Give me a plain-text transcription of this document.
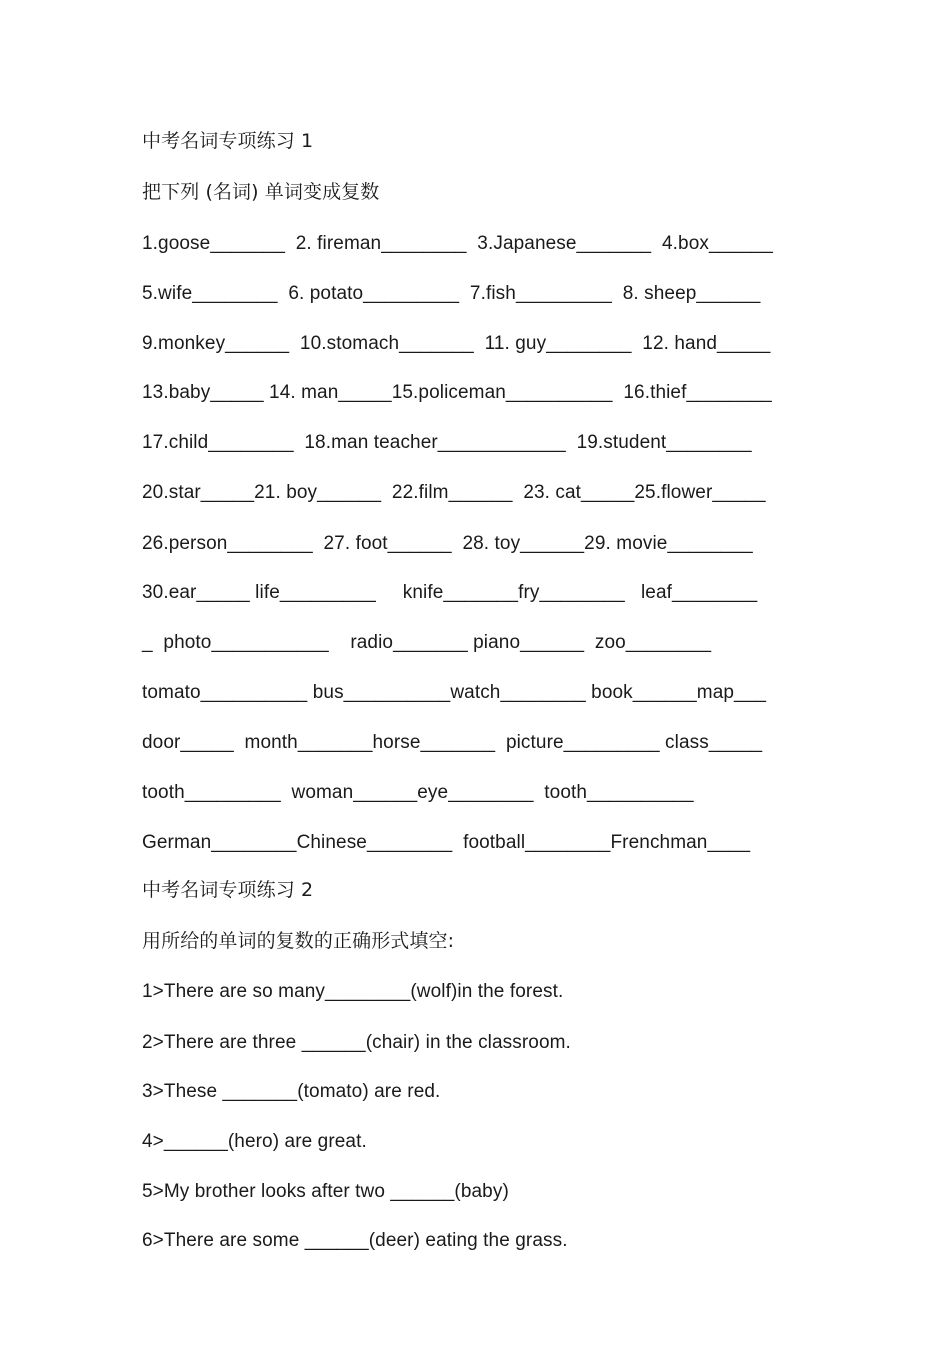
中考名词专项练习 1
把下列 (名词) 单词变成复数
1.goose_______  2. fireman________  3.Japanese_______  4.box______
5.wife________  6. potato_________  7.fish_________  8. sheep______
9.monkey______  10.stomach_______  11. guy________  12. hand_____
13.baby_____ 14. man_____15.policeman__________  16.thief________
17.child________  18.man teacher____________  19.student________
20.star_____21. boy______  22.film______  23. cat_____25.flower_____
26.person________  27. foot______  28. toy______29. movie________
30.ear_____ life_________     knife_______fry________   leaf________
_  photo___________    radio_______ piano______  zoo________
tomato__________ bus__________watch________ book______map___
door_____  month_______horse_______  picture_________ class_____
tooth_________  woman______eye________  tooth__________
German________Chinese________  football________Frenchman____
中考名词专项练习 2
用所给的单词的复数的正确形式填空:
1>There are so many________(wolf)in the forest.
2>There are three ______(chair) in the classroom.
3>These _______(tomato) are red.
4>______(hero) are great.
5>My brother looks after two ______(baby)
6>There are some ______(deer) eating the grass.
